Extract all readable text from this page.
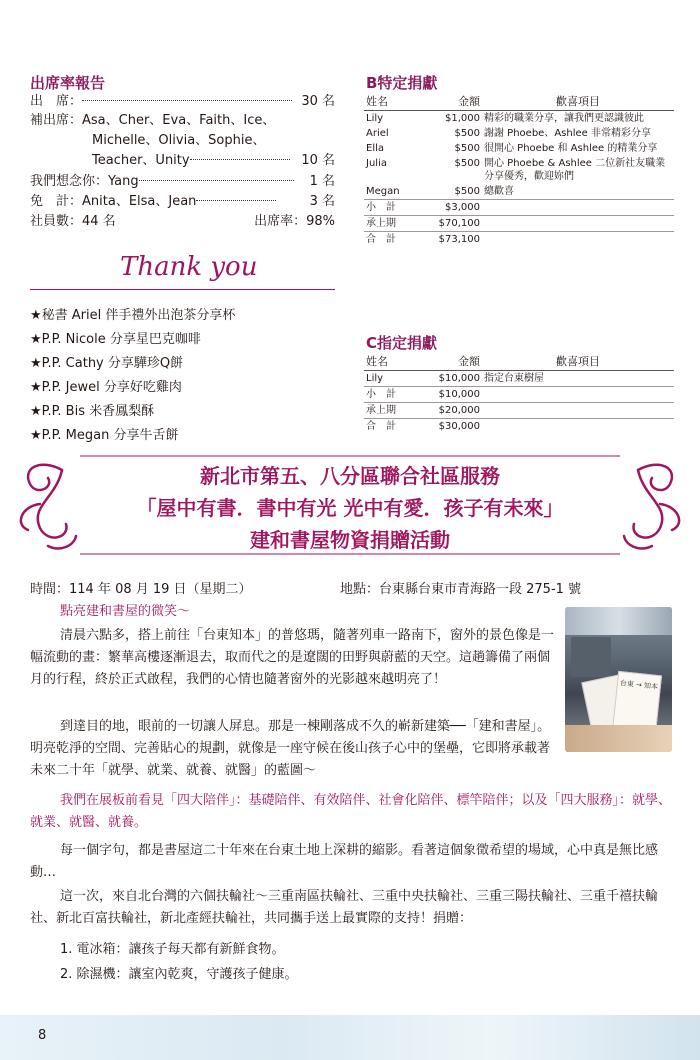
出席率報告
出　席：	30 名
補出席：Asa、Cher、Eva、Faith、Ice、
Michelle、Olivia、Sophie、
Teacher、Unity	10 名
我們想念你：Yang	1 名
免　計：Anita、Elsa、Jean	3 名
社員數：44 名	出席率：98%
Thank you
★秘書 Ariel 伴手禮外出泡茶分享杯
★P.P. Nicole 分享星巴克咖啡
★P.P. Cathy 分享驊珍Q餅
★P.P. Jewel 分享好吃雞肉
★P.P. Bis 米香鳳梨酥
★P.P. Megan 分享牛舌餅
B特定捐獻
姓名	金額	歡喜項目
Lily	$1,000	精彩的職業分享，讓我們更認識彼此
Ariel	$500	謝謝 Phoebe、Ashlee 非常精彩分享
Ella	$500	很開心 Phoebe 和 Ashlee 的精業分享
Julia	$500	開心 Phoebe & Ashlee 二位新社友職業分享優秀，歡迎妳們
Megan	$500	總歡喜
小　計	$3,000	
承上期	$70,100	
合　計	$73,100	
C指定捐獻
姓名	金額	歡喜項目
Lily	$10,000	指定台東樹屋
小　計	$10,000	
承上期	$20,000	
合　計	$30,000	
新北市第五、八分區聯合社區服務
「屋中有書．書中有光 光中有愛．孩子有未來」
建和書屋物資捐贈活動
時間：114 年 08 月 19 日（星期二）	地點：台東縣台東市青海路一段 275-1 號
點亮建和書屋的微笑～
台東 → 知本

清晨六點多，搭上前往「台東知本」的普悠瑪，隨著列車一路南下，窗外的景色像是一幅流動的畫：繁華高樓逐漸退去，取而代之的是遼闊的田野與蔚藍的天空。這趟籌備了兩個月的行程，終於正式啟程，我們的心情也隨著窗外的光影越來越明亮了！

到達目的地，眼前的一切讓人屏息。那是一棟剛落成不久的嶄新建築──「建和書屋」。明亮乾淨的空間、完善貼心的規劃，就像是一座守候在後山孩子心中的堡壘，它即將承載著未來二十年「就學、就業、就養、就醫」的藍圖～

我們在展板前看見「四大陪伴」：基礎陪伴、有效陪伴、社會化陪伴、標竿陪伴；以及「四大服務」：就學、就業、就醫、就養。

每一個字句，都是書屋這二十年來在台東土地上深耕的縮影。看著這個象徵希望的場域，心中真是無比感動…

這一次，來自北台灣的六個扶輪社～三重南區扶輪社、三重中央扶輪社、三重三陽扶輪社、三重千禧扶輪社、新北百富扶輪社，新北產經扶輪社，共同攜手送上最實際的支持！捐贈：

1. 電冰箱：讓孩子每天都有新鮮食物。
2. 除濕機：讓室內乾爽，守護孩子健康。
8
